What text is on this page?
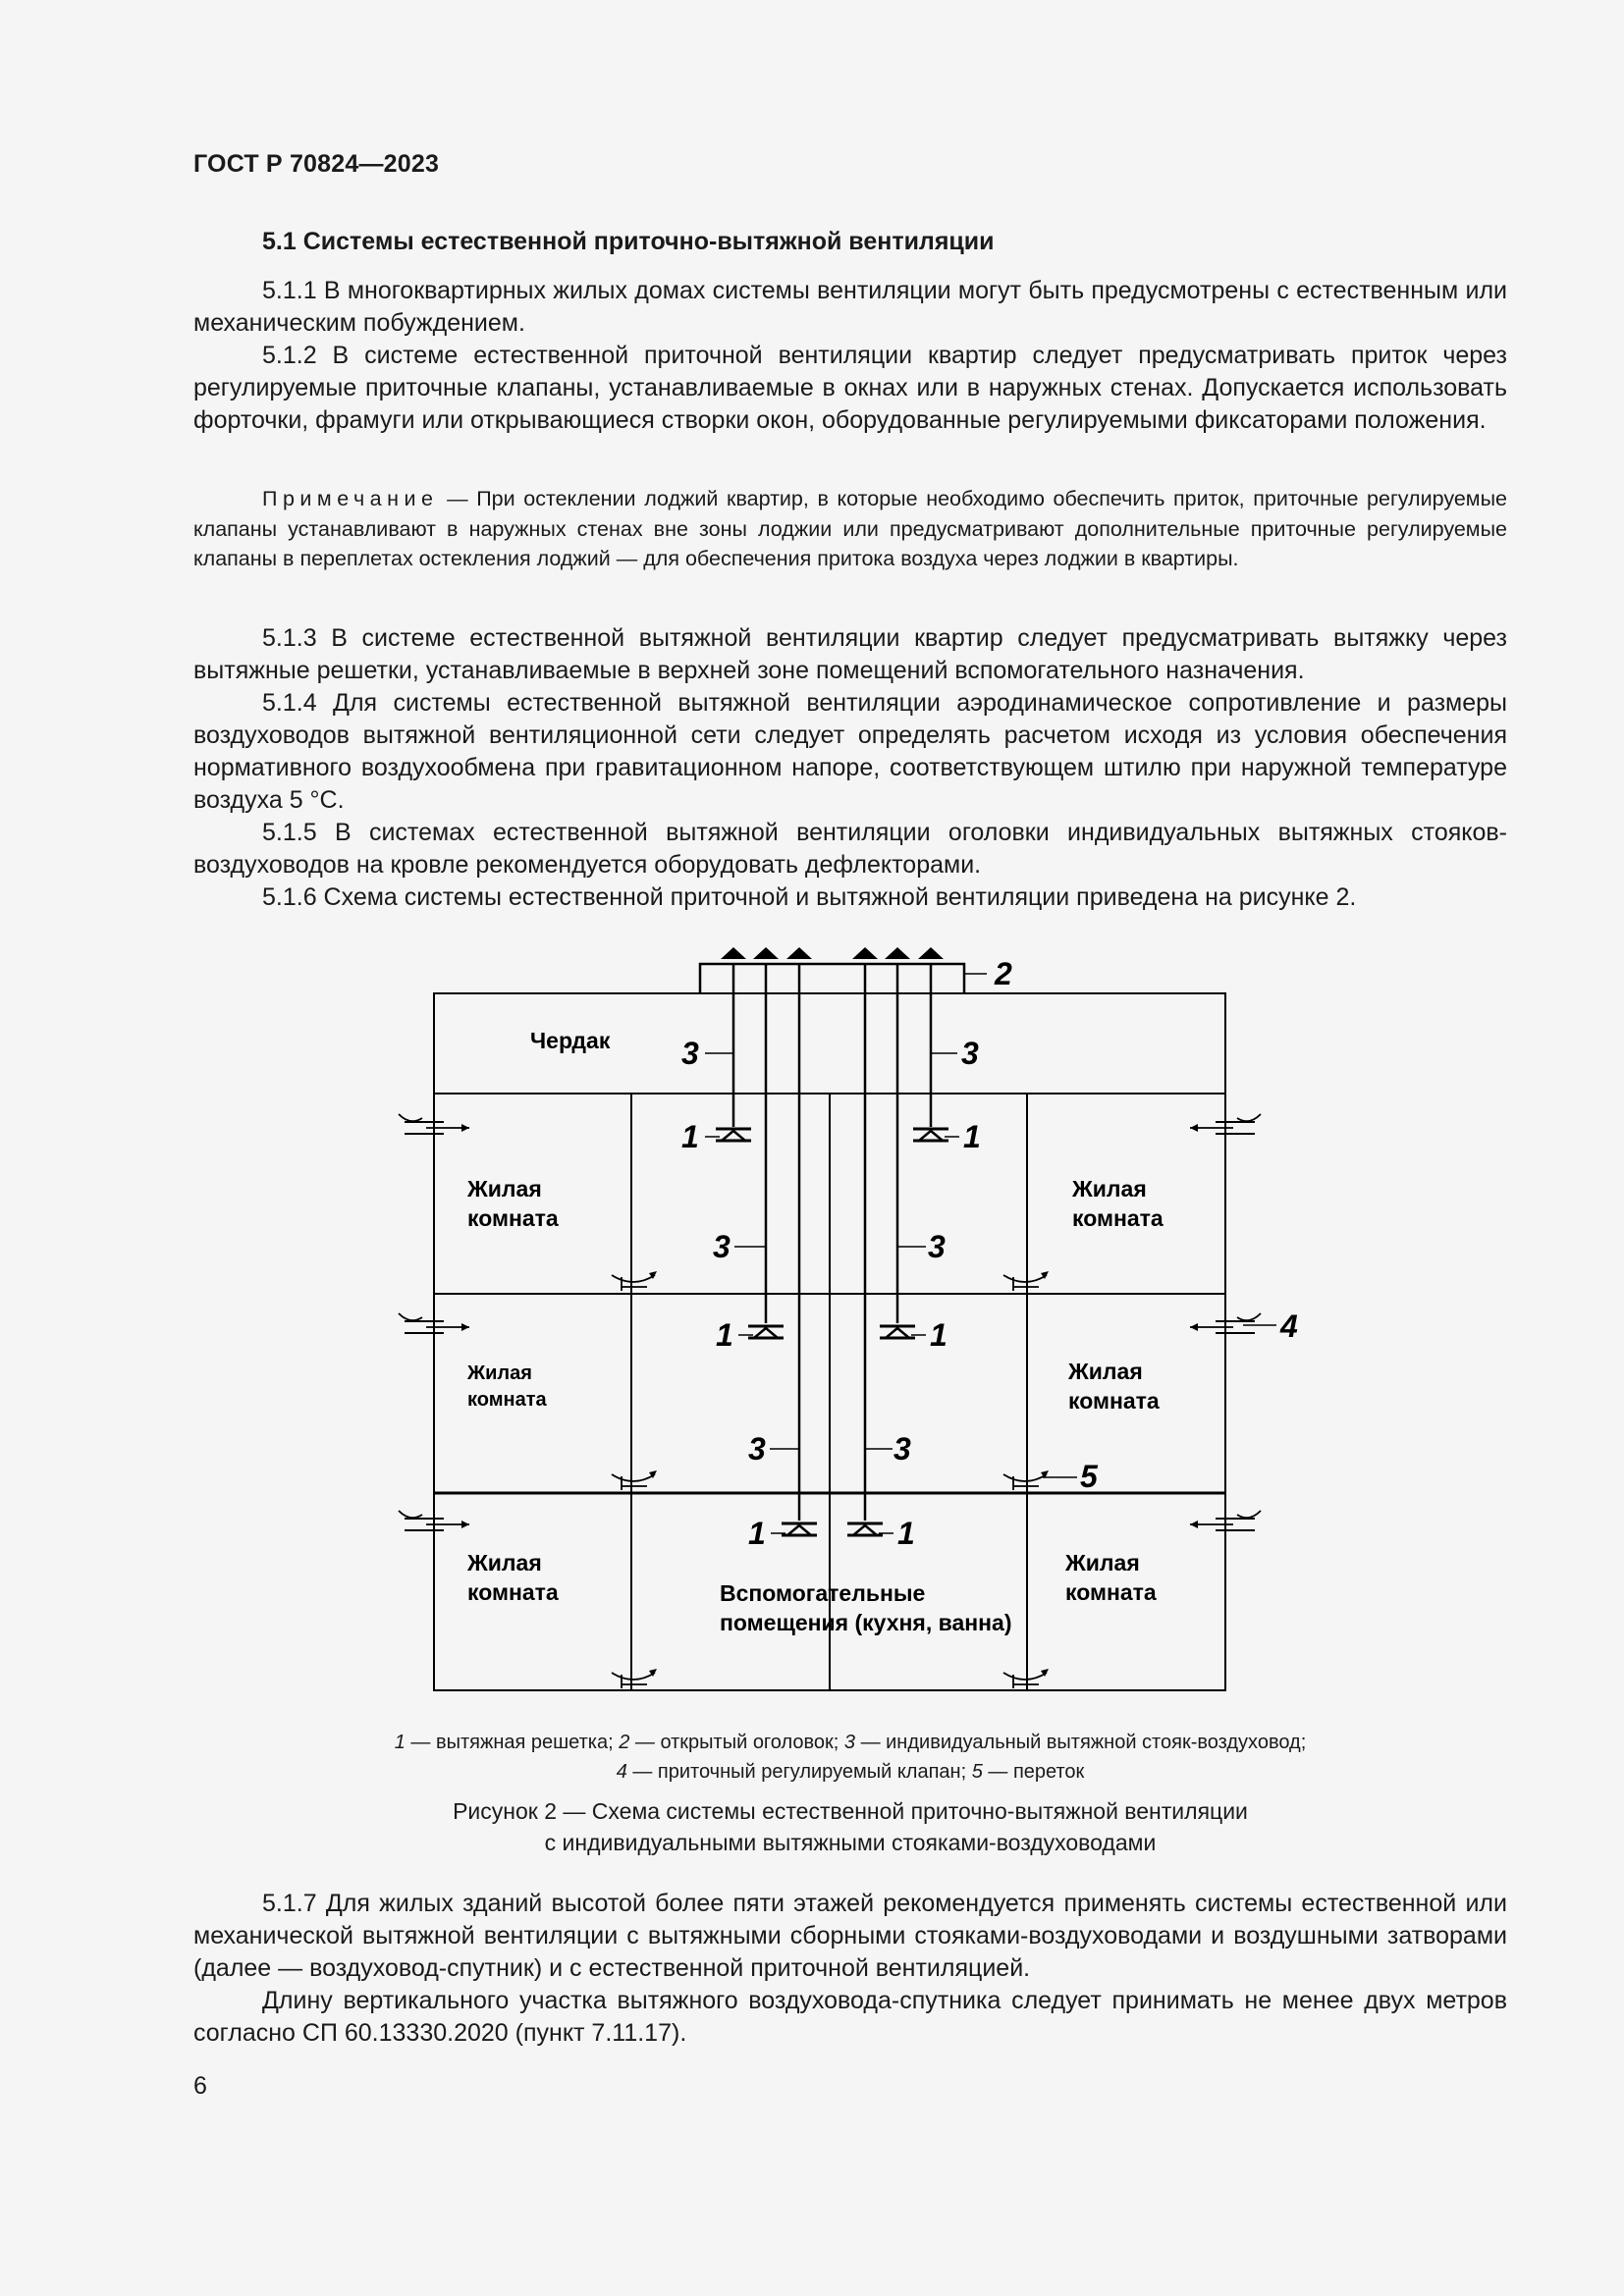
ГОСТ Р 70824—2023
5.1 Системы естественной приточно-вытяжной вентиляции

5.1.1 В многоквартирных жилых домах системы вентиляции могут быть предусмотрены с естественным или механическим побуждением.

5.1.2 В системе естественной приточной вентиляции квартир следует предусматривать приток через регулируемые приточные клапаны, устанавливаемые в окнах или в наружных стенах. Допускается использовать форточки, фрамуги или открывающиеся створки окон, оборудованные регулируемыми фиксаторами положения.

Примечание — При остеклении лоджий квартир, в которые необходимо обеспечить приток, приточные регулируемые клапаны устанавливают в наружных стенах вне зоны лоджии или предусматривают дополнительные приточные регулируемые клапаны в переплетах остекления лоджий — для обеспечения притока воздуха через лоджии в квартиры.

5.1.3 В системе естественной вытяжной вентиляции квартир следует предусматривать вытяжку через вытяжные решетки, устанавливаемые в верхней зоне помещений вспомогательного назначения.

5.1.4 Для системы естественной вытяжной вентиляции аэродинамическое сопротивление и размеры воздуховодов вытяжной вентиляционной сети следует определять расчетом исходя из условия обеспечения нормативного воздухообмена при гравитационном напоре, соответствующем штилю при наружной температуре воздуха 5 °С.

5.1.5 В системах естественной вытяжной вентиляции оголовки индивидуальных вытяжных стояков-воздуховодов на кровле рекомендуется оборудовать дефлекторами.

5.1.6 Схема системы естественной приточной и вытяжной вентиляции приведена на рисунке 2.

Чердак
Жилая
комната
Жилая
комната
Жилая
комната
Жилая
комната
Жилая
комната
Жилая
комната
Вспомогательные
помещения (кухня, ванна)
2
3	3
1	1
3	3
1	1	4
3	3
5
1	1
1 — вытяжная решетка; 2 — открытый оголовок; 3 — индивидуальный вытяжной стояк-воздуховод;
4 — приточный регулируемый клапан; 5 — переток
Рисунок 2 — Схема системы естественной приточно-вытяжной вентиляции
с индивидуальными вытяжными стояками-воздуховодами

5.1.7 Для жилых зданий высотой более пяти этажей рекомендуется применять системы естественной или механической вытяжной вентиляции с вытяжными сборными стояками-воздуховодами и воздушными затворами (далее — воздуховод-спутник) и с естественной приточной вентиляцией.

Длину вертикального участка вытяжного воздуховода-спутника следует принимать не менее двух метров согласно СП 60.13330.2020 (пункт 7.11.17).

6
